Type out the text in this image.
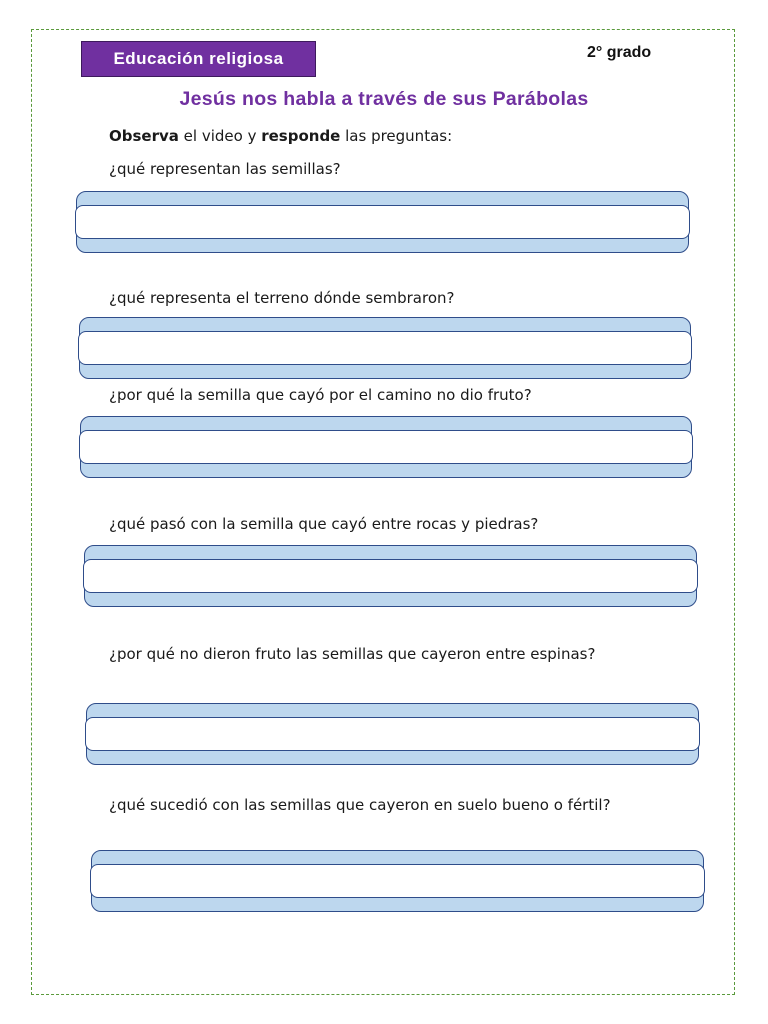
Educación religiosa	2° grado
Jesús nos habla a través de sus Parábolas
Observa el video y responde las preguntas:
¿qué representan las semillas?
¿qué representa el terreno dónde sembraron?
¿por qué la semilla que cayó por el camino no dio fruto?
¿qué pasó con la semilla que cayó entre rocas y piedras?
¿por qué no dieron fruto las semillas que cayeron entre espinas?
¿qué sucedió con las semillas que cayeron en suelo bueno o fértil?
